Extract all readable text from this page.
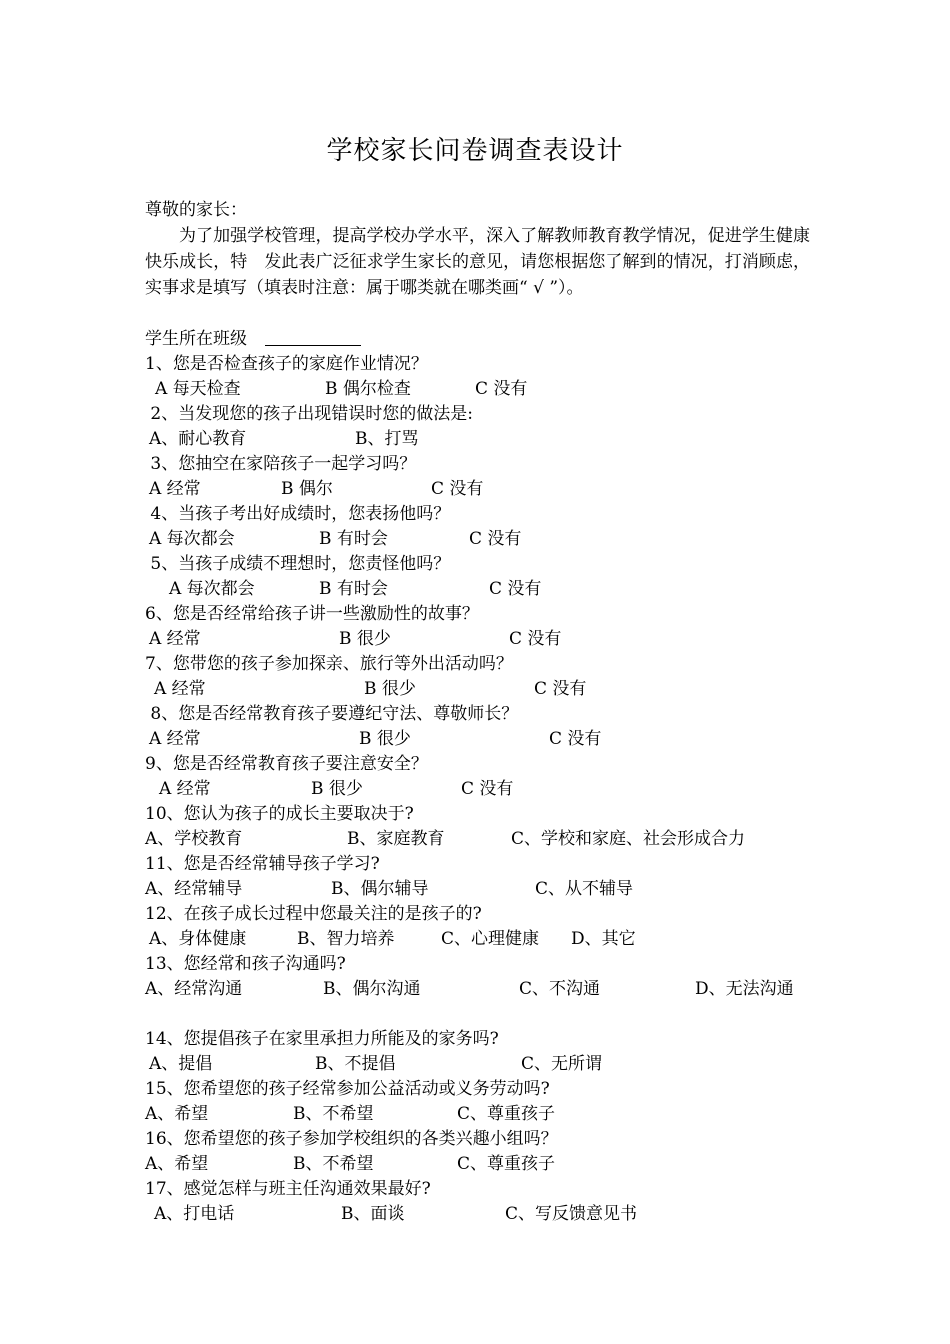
学校家长问卷调查表设计
尊敬的家长：
为了加强学校管理，提高学校办学水平，深入了解教师教育教学情况，促进学生健康快乐成长，特　发此表广泛征求学生家长的意见，请您根据您了解到的情况，打消顾虑，实事求是填写（填表时注意：属于哪类就在哪类画“ √ ”）。
学生所在班级
1、您是否检查孩子的家庭作业情况？
A 每天检查	B 偶尔检查	C 没有
2、当发现您的孩子出现错误时您的做法是:
A、耐心教育	B、打骂
3、您抽空在家陪孩子一起学习吗？
A 经常	B 偶尔	C 没有
4、当孩子考出好成绩时，您表扬他吗？
A 每次都会	B 有时会	C 没有
5、当孩子成绩不理想时，您责怪他吗？
A 每次都会	B 有时会	C 没有
6、您是否经常给孩子讲一些激励性的故事？
A 经常	B 很少	C 没有
7、您带您的孩子参加探亲、旅行等外出活动吗？
A 经常	B 很少	C 没有
8、您是否经常教育孩子要遵纪守法、尊敬师长？
A 经常	B 很少	C 没有
9、您是否经常教育孩子要注意安全？
A 经常	B 很少	C 没有
10、您认为孩子的成长主要取决于?
A、学校教育	B、家庭教育	C、学校和家庭、社会形成合力
11、您是否经常辅导孩子学习?
A、经常辅导	B、偶尔辅导	C、从不辅导
12、在孩子成长过程中您最关注的是孩子的?
A、身体健康	B、智力培养	C、心理健康 D、其它
13、您经常和孩子沟通吗?
A、经常沟通	B、偶尔沟通	C、不沟通	D、无法沟通
14、您提倡孩子在家里承担力所能及的家务吗?
A、提倡	B、不提倡	C、无所谓
15、您希望您的孩子经常参加公益活动或义务劳动吗?
A、希望	B、不希望	C、尊重孩子
16、您希望您的孩子参加学校组织的各类兴趣小组吗？
A、希望	B、不希望	C、尊重孩子
17、感觉怎样与班主任沟通效果最好?
A、打电话	B、面谈	C、写反馈意见书
